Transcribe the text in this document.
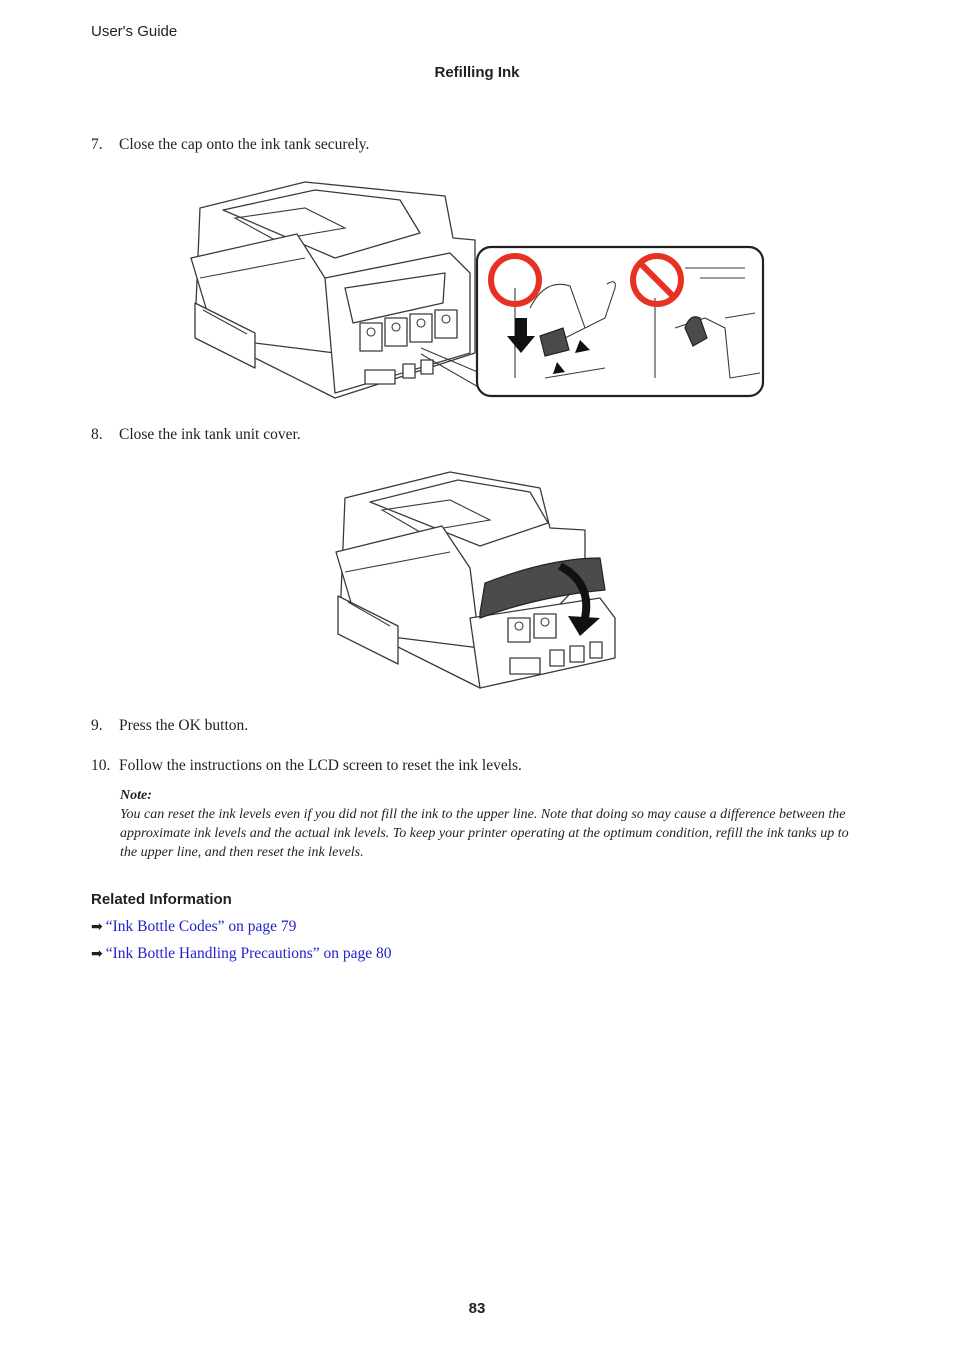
User's Guide
Refilling Ink
7. Close the cap onto the ink tank securely.
8. Close the ink tank unit cover.
9. Press the OK button.
10. Follow the instructions on the LCD screen to reset the ink levels.
Note:
You can reset the ink levels even if you did not fill the ink to the upper line. Note that doing so may cause a difference between the approximate ink levels and the actual ink levels. To keep your printer operating at the optimum condition, refill the ink tanks up to the upper line, and then reset the ink levels.
Related Information
➡ “Ink Bottle Codes” on page 79
➡ “Ink Bottle Handling Precautions” on page 80
83
